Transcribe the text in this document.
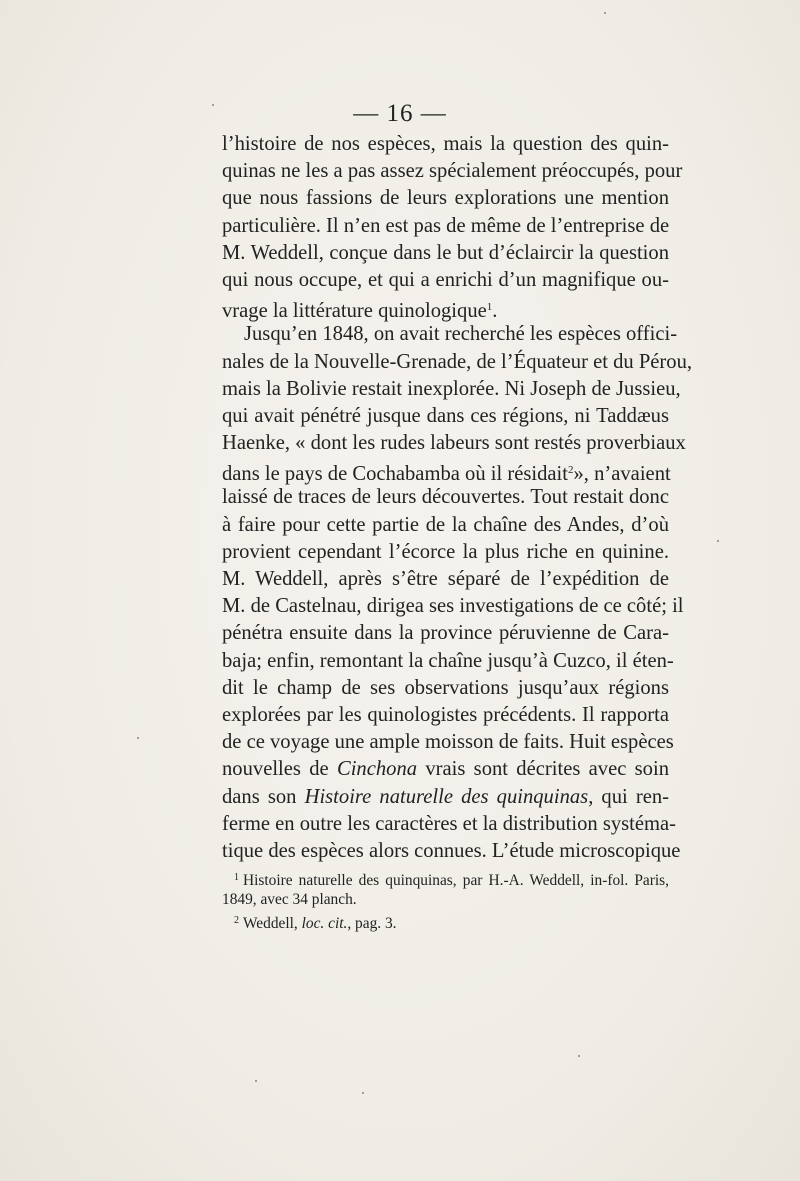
— 16 —
l’histoire de nos espèces, mais la question des quin-
quinas ne les a pas assez spécialement préoccupés, pour
que nous fassions de leurs explorations une mention
particulière. Il n’en est pas de même de l’entreprise de
M. Weddell, conçue dans le but d’éclaircir la question
qui nous occupe, et qui a enrichi d’un magnifique ou-
vrage la littérature quinologique$^1$.
Jusqu’en 1848, on avait recherché les espèces offici-
nales de la Nouvelle-Grenade, de l’Équateur et du Pérou,
mais la Bolivie restait inexplorée. Ni Joseph de Jussieu,
qui avait pénétré jusque dans ces régions, ni Taddæus
Haenke, « dont les rudes labeurs sont restés proverbiaux
dans le pays de Cochabamba où il résidait$^2$», n’avaient
laissé de traces de leurs découvertes. Tout restait donc
à faire pour cette partie de la chaîne des Andes, d’où
provient cependant l’écorce la plus riche en quinine.
M. Weddell, après s’être séparé de l’expédition de
M. de Castelnau, dirigea ses investigations de ce côté; il
pénétra ensuite dans la province péruvienne de Cara-
baja; enfin, remontant la chaîne jusqu’à Cuzco, il éten-
dit le champ de ses observations jusqu’aux régions
explorées par les quinologistes précédents. Il rapporta
de ce voyage une ample moisson de faits. Huit espèces
nouvelles de Cinchona vrais sont décrites avec soin
dans son Histoire naturelle des quinquinas, qui ren-
ferme en outre les caractères et la distribution systéma-
tique des espèces alors connues. L’étude microscopique
$^1$ Histoire naturelle des quinquinas, par H.-A. Weddell, in-fol. Paris,
1849, avec 34 planch.
$^2$ Weddell, loc. cit., pag. 3.
